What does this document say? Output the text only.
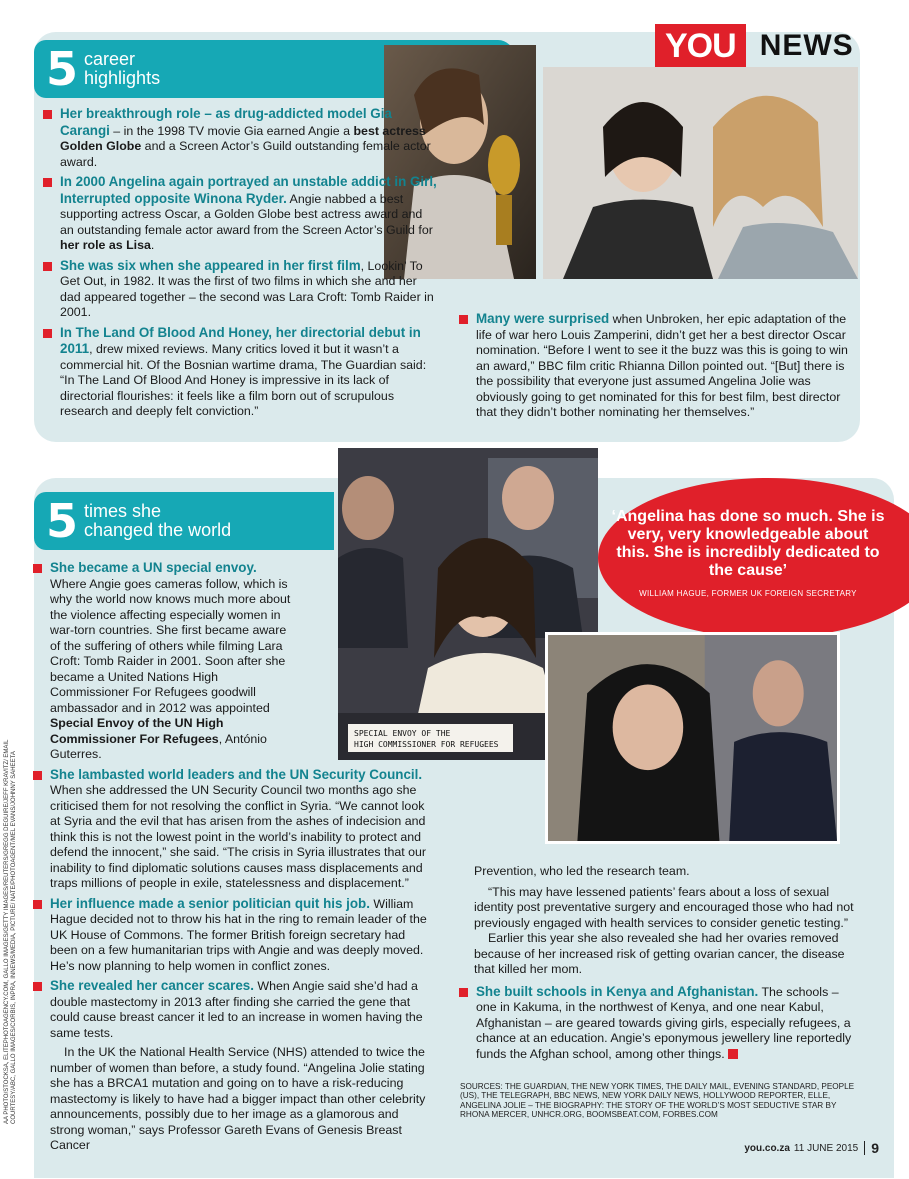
5 career
highlights
YOU NEWS
Her breakthrough role – as drug-addicted model Gia Carangi – in the 1998 TV movie Gia earned Angie a best actress Golden Globe and a Screen Actor’s Guild outstanding female actor award.
In 2000 Angelina again portrayed an unstable addict in Girl, Interrupted opposite Winona Ryder. Angie nabbed a best supporting actress Oscar, a Golden Globe best actress award and an outstanding female actor award from the Screen Actor’s Guild for her role as Lisa.
She was six when she appeared in her first film, Lookin’ To Get Out, in 1982. It was the first of two films in which she and her dad appeared together – the second was Lara Croft: Tomb Raider in 2001.
In The Land Of Blood And Honey, her directorial debut in 2011, drew mixed reviews. Many critics loved it but it wasn’t a commercial hit. Of the Bosnian wartime drama, The Guardian said: “In The Land Of Blood And Honey is impressive in its lack of directorial flourishes: it feels like a film born out of scrupulous research and deeply felt conviction.”
Many were surprised when Unbroken, her epic adaptation of the life of war hero Louis Zamperini, didn’t get her a best director Oscar nomination. “Before I went to see it the buzz was this is going to win an award,” BBC film critic Rhianna Dillon pointed out. “[But] there is the possibility that everyone just assumed Angelina Jolie was obviously going to get nominated for this for best film, best director that they didn’t bother nominating her themselves.”
5 times she
changed the world
SPECIAL ENVOY OF THE
HIGH COMMISSIONER FOR REFUGEES
‘Angelina has done so much. She is very, very knowledgeable about this. She is incredibly dedicated to the cause’
WILLIAM HAGUE, FORMER UK FOREIGN SECRETARY
She became a UN special envoy. Where Angie goes cameras follow, which is why the world now knows much more about the violence affecting especially women in war-torn countries. She first became aware of the suffering of others while filming Lara Croft: Tomb Raider in 2001. Soon after she became a United Nations High Commissioner For Refugees goodwill ambassador and in 2012 was appointed Special Envoy of the UN High Commissioner For Refugees, António Guterres.
She lambasted world leaders and the UN Security Council. When she addressed the UN Security Council two months ago she criticised them for not resolving the conflict in Syria. “We cannot look at Syria and the evil that has arisen from the ashes of indecision and think this is not the lowest point in the world’s inability to protect and defend the innocent,” she said. “The crisis in Syria illustrates that our inability to find diplomatic solutions causes mass displacements and traps millions of people in exile, statelessness and displacement.”
Her influence made a senior politician quit his job. William Hague decided not to throw his hat in the ring to remain leader of the UK House of Commons. The former British foreign secretary had been on a few humanitarian trips with Angie and was deeply moved. He’s now planning to help women in conflict zones.
She revealed her cancer scares. When Angie said she’d had a double mastectomy in 2013 after finding she carried the gene that could cause breast cancer it led to an increase in women having the same tests.

In the UK the National Health Service (NHS) attended to twice the number of women than before, a study found. “Angelina Jolie stating she has a BRCA1 mutation and going on to have a risk-reducing mastectomy is likely to have had a bigger impact than other celebrity announcements, possibly due to her image as a glamorous and strong woman,” says Professor Gareth Evans of Genesis Breast Cancer

Prevention, who led the research team.

“This may have lessened patients’ fears about a loss of sexual identity post preventative surgery and encouraged those who had not previously engaged with health services to consider genetic testing.”

Earlier this year she also revealed she had her ovaries removed because of her increased risk of getting ovarian cancer, the disease that killed her mom.

She built schools in Kenya and Afghanistan. The schools – one in Kakuma, in the northwest of Kenya, and one near Kabul, Afghanistan – are geared towards giving girls, especially refugees, a chance at an education. Angie’s eponymous jewellery line reportedly funds the Afghan school, among other things.
AA PHOTO/STOCKSA, ELITEPHOTOAGENCY.COM, GALLO IMAGES/GETTY IMAGES/REUTERS/GREGG DEGUIRE/JEFF KRAVITZ/ EMAIL COURTESY/ABC, GALLO IMAGES/CORBIS, INPRA, INNEWS/MEDIA, PICTURE/ NATE/PHOTOAGENT/MEL EVANS/JOHNNY SAHEETA	SOURCES: THE GUARDIAN, THE NEW YORK TIMES, THE DAILY MAIL, EVENING STANDARD, PEOPLE (US), THE TELEGRAPH, BBC NEWS, NEW YORK DAILY NEWS, HOLLYWOOD REPORTER, ELLE, ANGELINA JOLIE – THE BIOGRAPHY: THE STORY OF THE WORLD’S MOST SEDUCTIVE STAR BY RHONA MERCER, UNHCR.ORG, BOOMSBEAT.COM, FORBES.COM
you.co.za 11 JUNE 2015 9
